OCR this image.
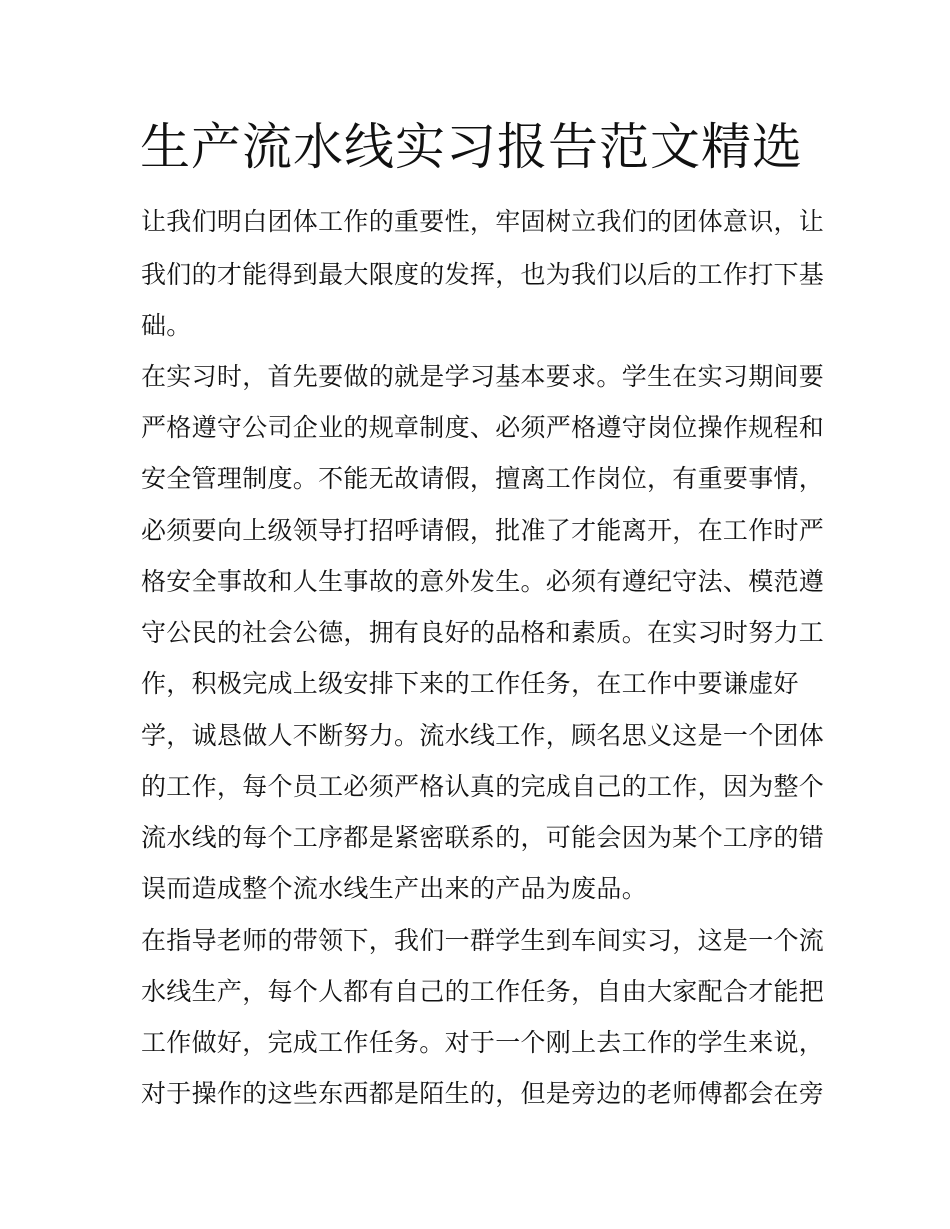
生产流水线实习报告范文精选

让我们明白团体工作的重要性，牢固树立我们的团体意识，让

我们的才能得到最大限度的发挥，也为我们以后的工作打下基

础。

在实习时，首先要做的就是学习基本要求。学生在实习期间要

严格遵守公司企业的规章制度、必须严格遵守岗位操作规程和

安全管理制度。不能无故请假，擅离工作岗位，有重要事情，

必须要向上级领导打招呼请假，批准了才能离开，在工作时严

格安全事故和人生事故的意外发生。必须有遵纪守法、模范遵

守公民的社会公德，拥有良好的品格和素质。在实习时努力工

作，积极完成上级安排下来的工作任务，在工作中要谦虚好

学，诚恳做人不断努力。流水线工作，顾名思义这是一个团体

的工作，每个员工必须严格认真的完成自己的工作，因为整个

流水线的每个工序都是紧密联系的，可能会因为某个工序的错

误而造成整个流水线生产出来的产品为废品。

在指导老师的带领下，我们一群学生到车间实习，这是一个流

水线生产，每个人都有自己的工作任务，自由大家配合才能把

工作做好，完成工作任务。对于一个刚上去工作的学生来说，

对于操作的这些东西都是陌生的，但是旁边的老师傅都会在旁
